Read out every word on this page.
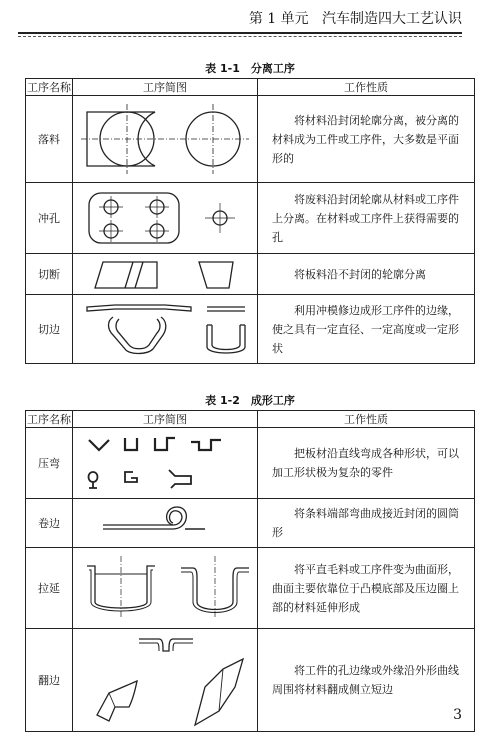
第 1 单元 汽车制造四大工艺认识
表 1-1　分离工序
工序名称	工序简图	工作性质
落料		将材料沿封闭轮廓分离，被分离的材料成为工件或工序件，大多数是平面形的
冲孔		将废料沿封闭轮廓从材料或工序件上分离。在材料或工序件上获得需要的孔
切断		将板料沿不封闭的轮廓分离
切边		利用冲模修边成形工序件的边缘，使之具有一定直径、一定高度或一定形状
表 1-2　成形工序
工序名称	工序简图	工作性质
压弯		把板材沿直线弯成各种形状，可以加工形状极为复杂的零件
卷边		将条料端部弯曲成接近封闭的圆筒形
拉延		将平直毛料或工序件变为曲面形，曲面主要依靠位于凸模底部及压边圈上部的材料延伸形成
翻边		将工件的孔边缘或外缘沿外形曲线周围将材料翻成侧立短边
3
